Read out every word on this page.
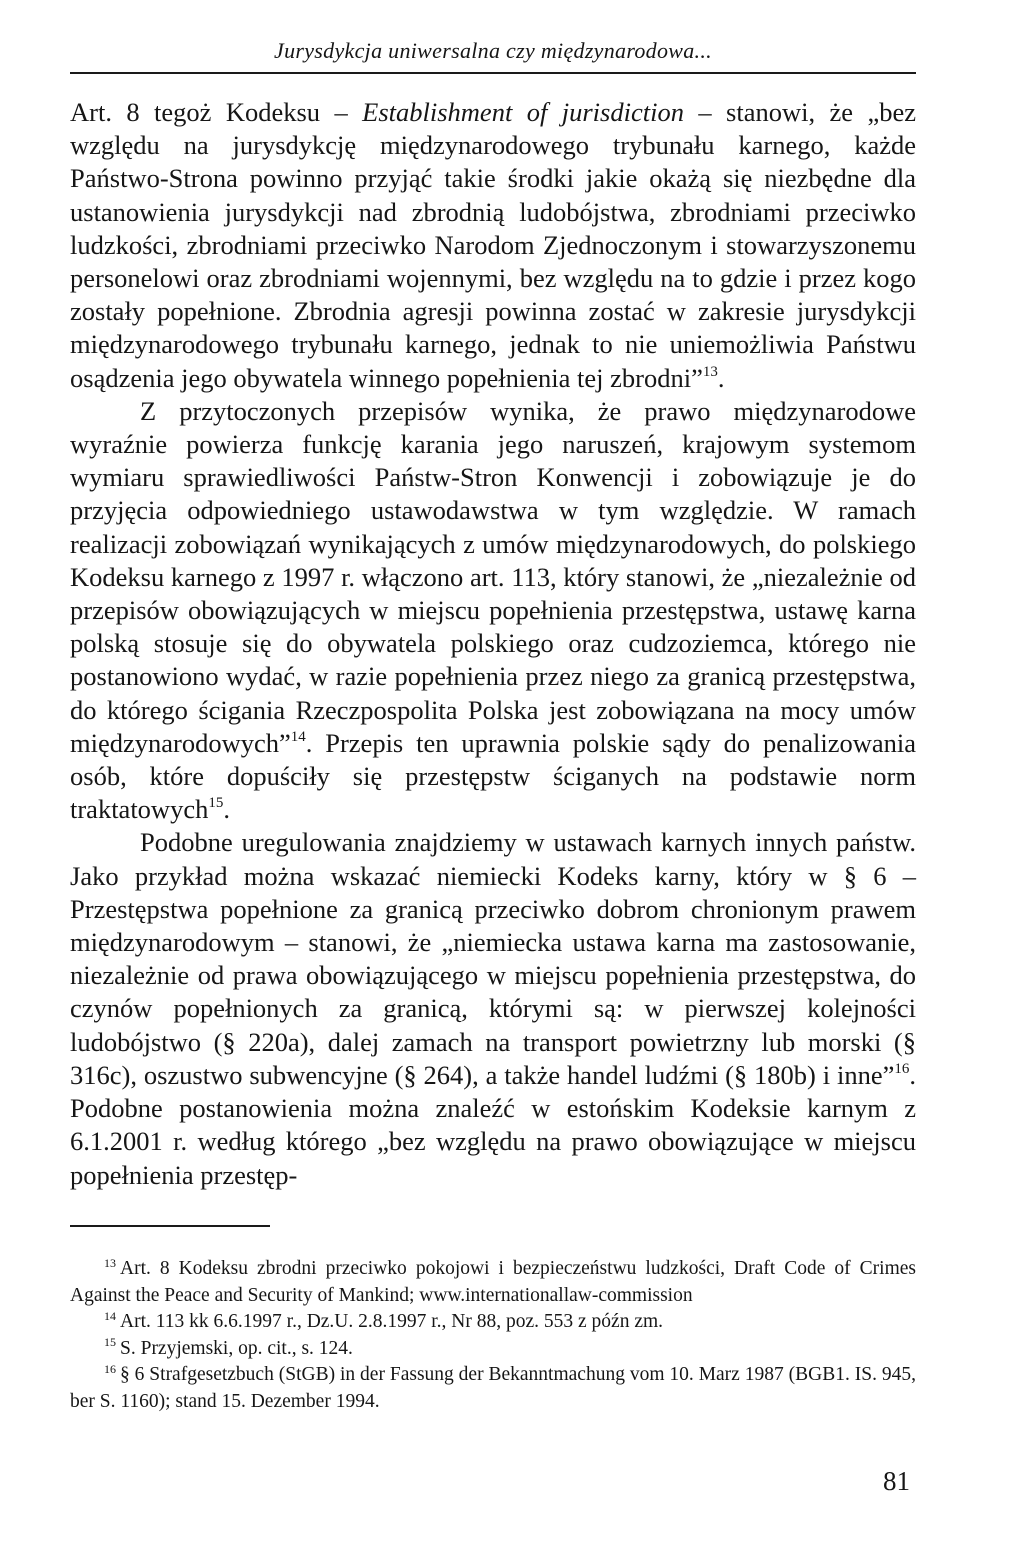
Jurysdykcja uniwersalna czy międzynarodowa...

Art. 8 tegoż Kodeksu – Establishment of jurisdiction – stanowi, że „bez względu na jurysdykcję międzynarodowego trybunału karnego, każde Państwo-Strona powinno przyjąć takie środki jakie okażą się niezbędne dla ustanowienia jurysdykcji nad zbrodnią ludobójstwa, zbrodniami przeciwko ludzkości, zbrodniami przeciwko Narodom Zjednoczonym i stowarzyszonemu personelowi oraz zbrodniami wojennymi, bez względu na to gdzie i przez kogo zostały popełnione. Zbrodnia agresji powinna zostać w zakresie jurysdykcji międzynarodowego trybunału karnego, jednak to nie uniemożliwia Państwu osądzenia jego obywatela winnego popełnienia tej zbrodni”$^{13}$.

Z przytoczonych przepisów wynika, że prawo międzynarodowe wyraźnie powierza funkcję karania jego naruszeń, krajowym systemom wymiaru sprawiedliwości Państw-Stron Konwencji i zobowiązuje je do przyjęcia odpowiedniego ustawodawstwa w tym względzie. W ramach realizacji zobowiązań wynikających z umów międzynarodowych, do polskiego Kodeksu karnego z 1997 r. włączono art. 113, który stanowi, że „niezależnie od przepisów obowiązujących w miejscu popełnienia przestępstwa, ustawę karna polską stosuje się do obywatela polskiego oraz cudzoziemca, którego nie postanowiono wydać, w razie popełnienia przez niego za granicą przestępstwa, do którego ścigania Rzeczpospolita Polska jest zobowiązana na mocy umów międzynarodowych”$^{14}$. Przepis ten uprawnia polskie sądy do penalizowania osób, które dopuściły się przestępstw ściganych na podstawie norm traktatowych$^{15}$.

Podobne uregulowania znajdziemy w ustawach karnych innych państw. Jako przykład można wskazać niemiecki Kodeks karny, który w § 6 – Przestępstwa popełnione za granicą przeciwko dobrom chronionym prawem międzynarodowym – stanowi, że „niemiecka ustawa karna ma zastosowanie, niezależnie od prawa obowiązującego w miejscu popełnienia przestępstwa, do czynów popełnionych za granicą, którymi są: w pierwszej kolejności ludobójstwo (§ 220a), dalej zamach na transport powietrzny lub morski (§ 316c), oszustwo subwencyjne (§ 264), a także handel ludźmi (§ 180b) i inne”$^{16}$. Podobne postanowienia można znaleźć w estońskim Kodeksie karnym z 6.1.2001 r. według którego „bez względu na prawo obowiązujące w miejscu popełnienia przestęp-

$^{13}$ Art. 8 Kodeksu zbrodni przeciwko pokojowi i bezpieczeństwu ludzkości, Draft Code of Crimes Against the Peace and Security of Mankind; www.internationallaw-commission

$^{14}$ Art. 113 kk 6.6.1997 r., Dz.U. 2.8.1997 r., Nr 88, poz. 553 z późn zm.

$^{15}$ S. Przyjemski, op. cit., s. 124.

$^{16}$ § 6 Strafgesetzbuch (StGB) in der Fassung der Bekanntmachung vom 10. Marz 1987 (BGB1. IS. 945, ber S. 1160); stand 15. Dezember 1994.

81
